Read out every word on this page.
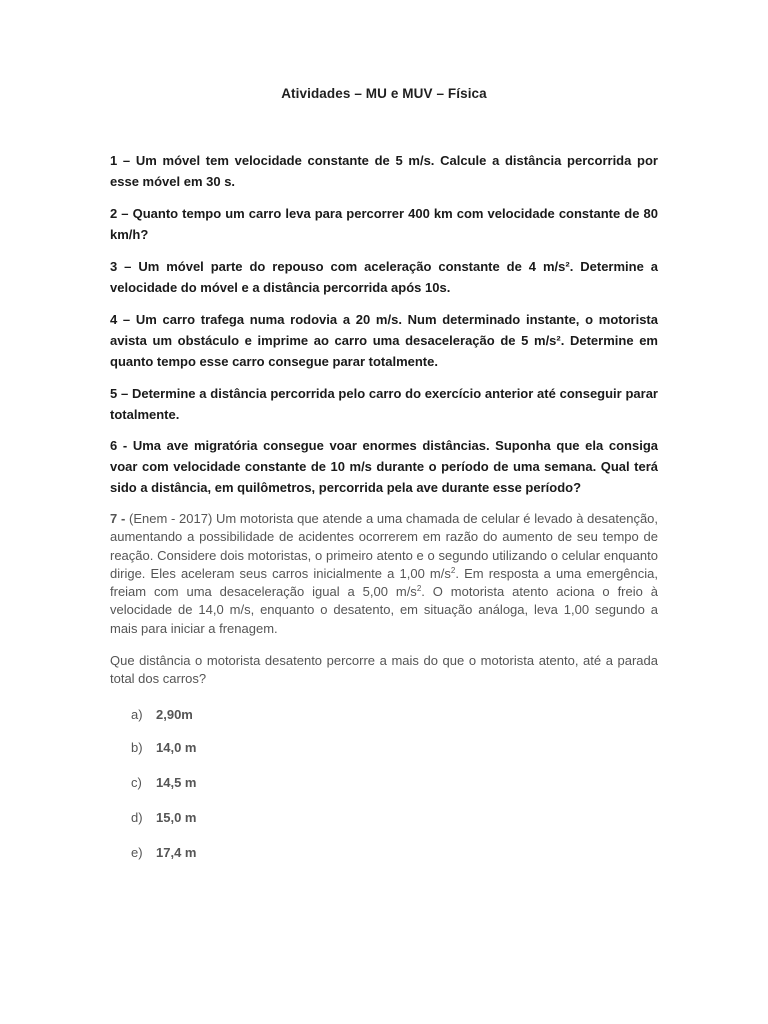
Atividades – MU e MUV – Física
1 – Um móvel tem velocidade constante de 5 m/s. Calcule a distância percorrida por esse móvel em 30 s.
2 – Quanto tempo um carro leva para percorrer 400 km com velocidade constante de 80 km/h?
3 – Um móvel parte do repouso com aceleração constante de 4 m/s². Determine a velocidade do móvel e a distância percorrida após 10s.
4 – Um carro trafega numa rodovia a 20 m/s. Num determinado instante, o motorista avista um obstáculo e imprime ao carro uma desaceleração de 5 m/s². Determine em quanto tempo esse carro consegue parar totalmente.
5 – Determine a distância percorrida pelo carro do exercício anterior até conseguir parar totalmente.
6 - Uma ave migratória consegue voar enormes distâncias. Suponha que ela consiga voar com velocidade constante de 10 m/s durante o período de uma semana. Qual terá sido a distância, em quilômetros, percorrida pela ave durante esse período?
7 - (Enem - 2017) Um motorista que atende a uma chamada de celular é levado à desatenção, aumentando a possibilidade de acidentes ocorrerem em razão do aumento de seu tempo de reação. Considere dois motoristas, o primeiro atento e o segundo utilizando o celular enquanto dirige. Eles aceleram seus carros inicialmente a 1,00 $m/s^2$. Em resposta a uma emergência, freiam com uma desaceleração igual a 5,00 $m/s^2$. O motorista atento aciona o freio à velocidade de 14,0 m/s, enquanto o desatento, em situação análoga, leva 1,00 segundo a mais para iniciar a frenagem.
Que distância o motorista desatento percorre a mais do que o motorista atento, até a parada total dos carros?
a) 2,90m
b) 14,0 m
c) 14,5 m
d) 15,0 m
e) 17,4 m
